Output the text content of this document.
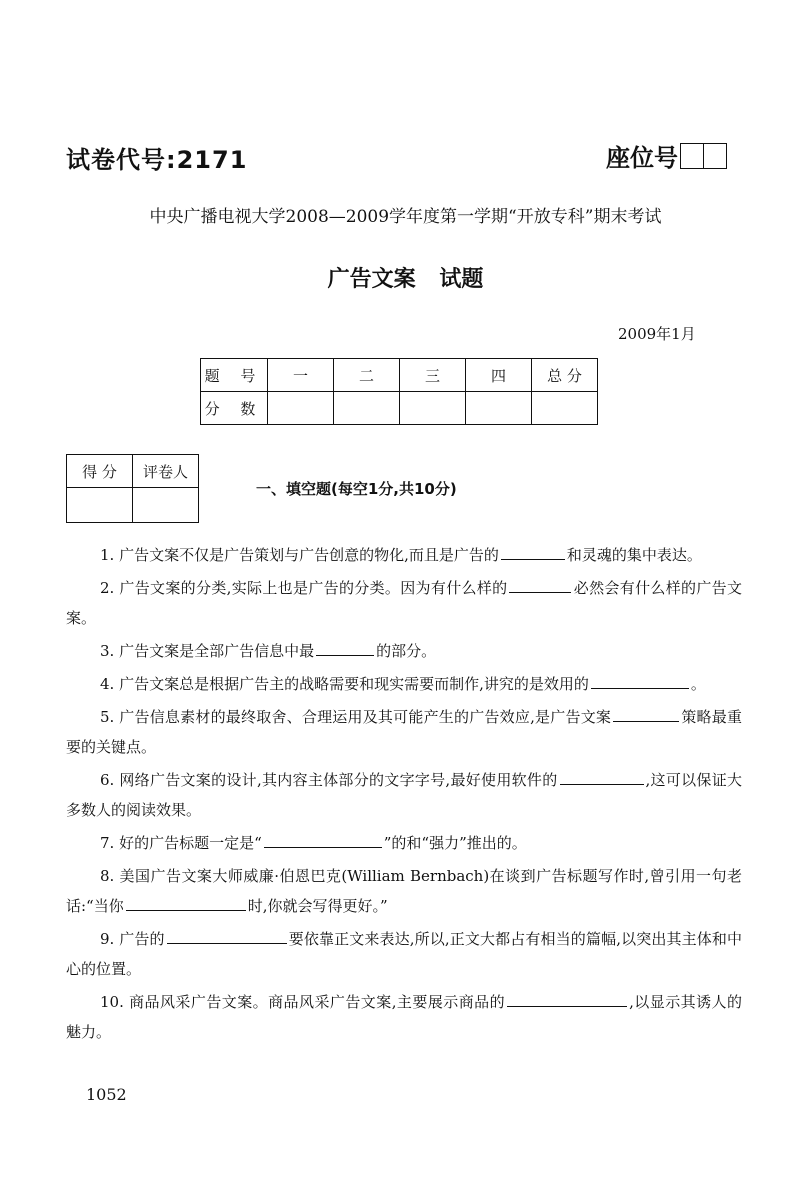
试卷代号:2171	座位号
中央广播电视大学2008—2009学年度第一学期“开放专科”期末考试
广告文案 试题
2009年1月
题 号	一	二	三	四	总 分
分 数					
得 分	评卷人

一、填空题(每空1分,共10分)

1. 广告文案不仅是广告策划与广告创意的物化,而且是广告的	和灵魂的集中表达。

2. 广告文案的分类,实际上也是广告的分类。因为有什么样的	必然会有什么样的广告文案。

3. 广告文案是全部广告信息中最	的部分。

4. 广告文案总是根据广告主的战略需要和现实需要而制作,讲究的是效用的	。

5. 广告信息素材的最终取舍、合理运用及其可能产生的广告效应,是广告文案	策略最重要的关键点。

6. 网络广告文案的设计,其内容主体部分的文字字号,最好使用软件的	,这可以保证大多数人的阅读效果。

7. 好的广告标题一定是“	”的和“强力”推出的。

8. 美国广告文案大师威廉·伯恩巴克(William Bernbach)在谈到广告标题写作时,曾引用一句老话:“当你	时,你就会写得更好。”

9. 广告的	要依靠正文来表达,所以,正文大都占有相当的篇幅,以突出其主体和中心的位置。

10. 商品风采广告文案。商品风采广告文案,主要展示商品的	,以显示其诱人的魅力。

1052
